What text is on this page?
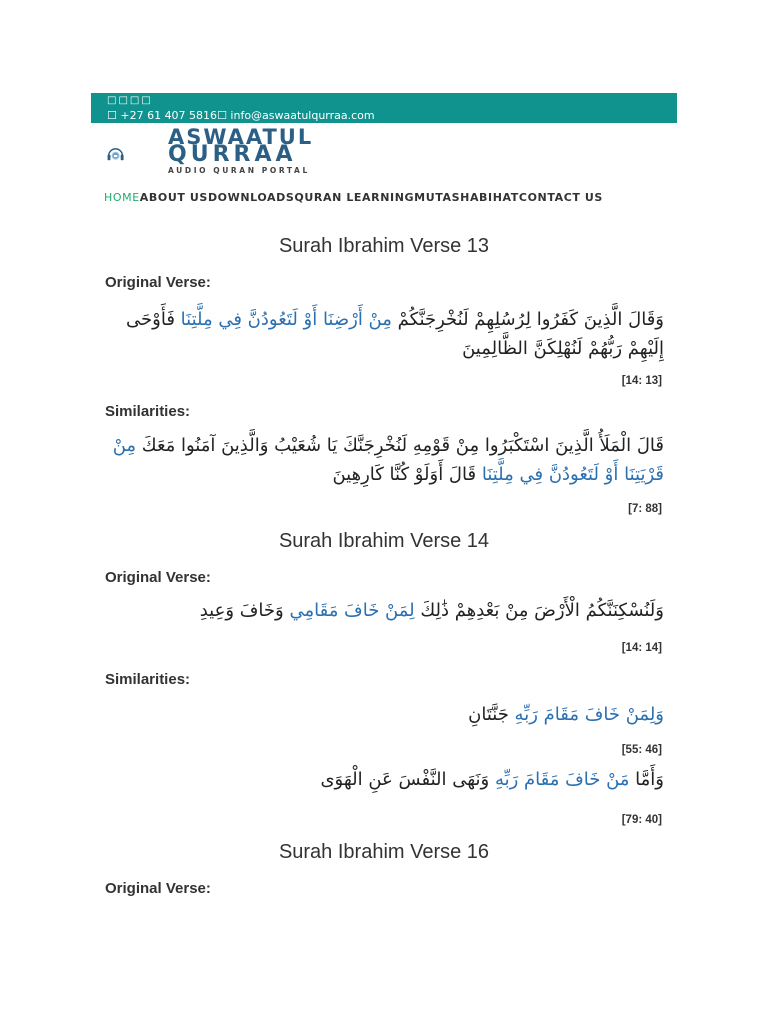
□□□□
☐ +27 61 407 5816☐ info@aswaatulqurraa.com
ASWAATUL
QURRAA
AUDIO QURAN PORTAL
HOMEABOUT USDOWNLOADSQURAN LEARNINGMUTASHABIHATCONTACT US
Surah Ibrahim Verse 13

Original Verse:

وَقَالَ الَّذِينَ كَفَرُوا لِرُسُلِهِمْ لَنُخْرِجَنَّكُمْ مِنْ أَرْضِنَا أَوْ لَتَعُودُنَّ فِي مِلَّتِنَا فَأَوْحَى إِلَيْهِمْ رَبُّهُمْ لَنُهْلِكَنَّ الظَّالِمِينَ
[14: 13]

Similarities:

قَالَ الْمَلَأُ الَّذِينَ اسْتَكْبَرُوا مِنْ قَوْمِهِ لَنُخْرِجَنَّكَ يَا شُعَيْبُ وَالَّذِينَ آمَنُوا مَعَكَ مِنْ قَرْيَتِنَا أَوْ لَتَعُودُنَّ فِي مِلَّتِنَا قَالَ أَوَلَوْ كُنَّا كَارِهِينَ
[7: 88]
Surah Ibrahim Verse 14

Original Verse:

وَلَنُسْكِنَنَّكُمُ الْأَرْضَ مِنْ بَعْدِهِمْ ذَٰلِكَ لِمَنْ خَافَ مَقَامِي وَخَافَ وَعِيدِ
[14: 14]

Similarities:

وَلِمَنْ خَافَ مَقَامَ رَبِّهِ جَنَّتَانِ
[55: 46]
وَأَمَّا مَنْ خَافَ مَقَامَ رَبِّهِ وَنَهَى النَّفْسَ عَنِ الْهَوَى
[79: 40]
Surah Ibrahim Verse 16

Original Verse:
